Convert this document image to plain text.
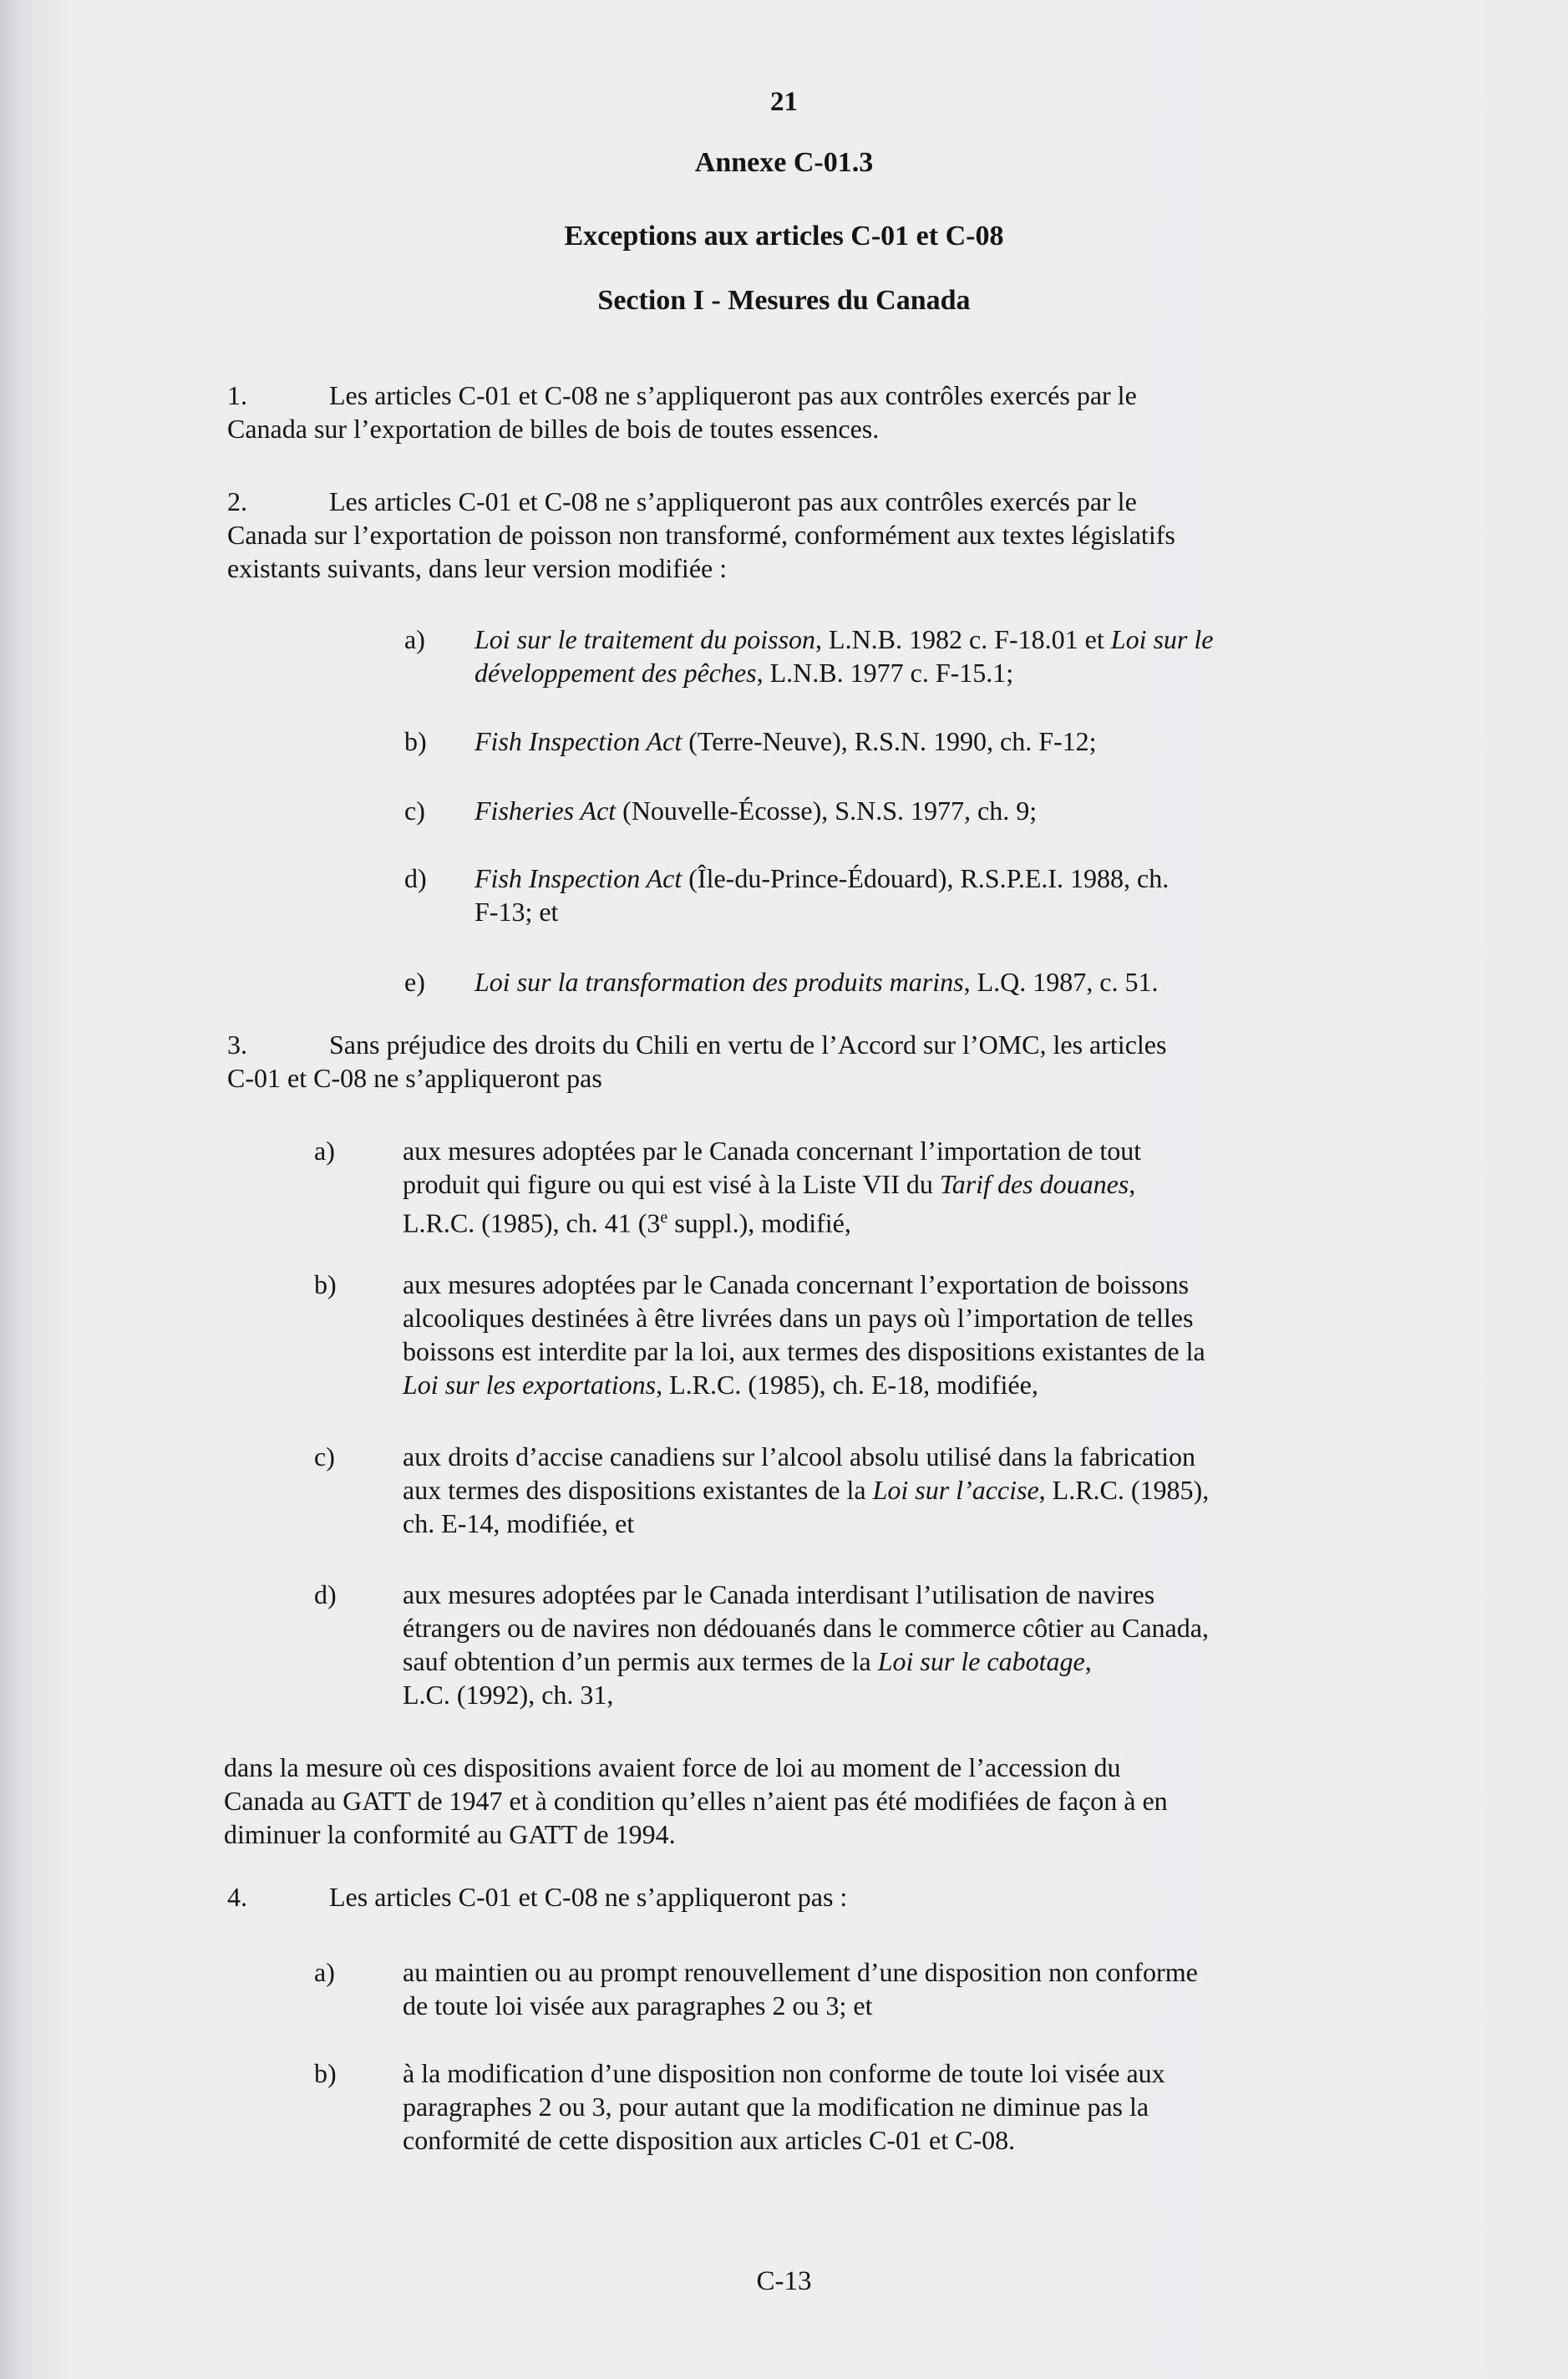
21
Annexe C-01.3
Exceptions aux articles C-01 et C-08
Section I - Mesures du Canada
1.	Les articles C-01 et C-08 ne s’appliqueront pas aux contrôles exercés par le
Canada sur l’exportation de billes de bois de toutes essences.
2.	Les articles C-01 et C-08 ne s’appliqueront pas aux contrôles exercés par le
Canada sur l’exportation de poisson non transformé, conformément aux textes législatifs
existants suivants, dans leur version modifiée :
a) Loi sur le traitement du poisson, L.N.B. 1982 c. F-18.01 et Loi sur le
développement des pêches, L.N.B. 1977 c. F-15.1;
b) Fish Inspection Act (Terre-Neuve), R.S.N. 1990, ch. F-12;
c) Fisheries Act (Nouvelle-Écosse), S.N.S. 1977, ch. 9;
d) Fish Inspection Act (Île-du-Prince-Édouard), R.S.P.E.I. 1988, ch.
F-13; et
e) Loi sur la transformation des produits marins, L.Q. 1987, c. 51.
3.	Sans préjudice des droits du Chili en vertu de l’Accord sur l’OMC, les articles
C-01 et C-08 ne s’appliqueront pas
a)	aux mesures adoptées par le Canada concernant l’importation de tout
produit qui figure ou qui est visé à la Liste VII du Tarif des douanes,
L.R.C. (1985), ch. 41 (3e suppl.), modifié,
b) aux mesures adoptées par le Canada concernant l’exportation de boissons
alcooliques destinées à être livrées dans un pays où l’importation de telles
boissons est interdite par la loi, aux termes des dispositions existantes de la
Loi sur les exportations, L.R.C. (1985), ch. E-18, modifiée,
c)	aux droits d’accise canadiens sur l’alcool absolu utilisé dans la fabrication
aux termes des dispositions existantes de la Loi sur l’accise, L.R.C. (1985),
ch. E-14, modifiée, et
d) aux mesures adoptées par le Canada interdisant l’utilisation de navires
étrangers ou de navires non dédouanés dans le commerce côtier au Canada,
sauf obtention d’un permis aux termes de la Loi sur le cabotage,
L.C. (1992), ch. 31,
dans la mesure où ces dispositions avaient force de loi au moment de l’accession du
Canada au GATT de 1947 et à condition qu’elles n’aient pas été modifiées de façon à en
diminuer la conformité au GATT de 1994.
4.	Les articles C-01 et C-08 ne s’appliqueront pas :
a)	au maintien ou au prompt renouvellement d’une disposition non conforme
de toute loi visée aux paragraphes 2 ou 3; et
b) à la modification d’une disposition non conforme de toute loi visée aux
paragraphes 2 ou 3, pour autant que la modification ne diminue pas la
conformité de cette disposition aux articles C-01 et C-08.
C-13
